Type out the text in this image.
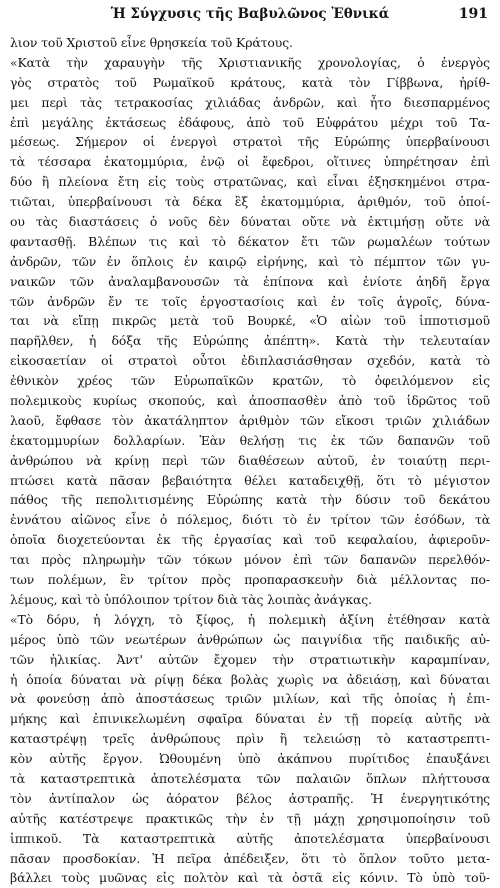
Ἡ Σύγχυσις τῆς Βαβυλῶνος Ἐθνικά	191
λιον τοῦ Χριστοῦ εἶνε θρησκεία τοῦ Κράτους.
«Κατὰ τὴν χαραυγὴν τῆς Χριστιανικῆς χρονολογίας, ὁ ἐνεργὸς
γὸς στρατὸς τοῦ Ρωμαϊκοῦ κράτους, κατὰ τὸν Γίββωνα, ἠρίθ-
μει περὶ τὰς τετρακοσίας χιλιάδας ἀνδρῶν, καὶ ἦτο διεσπαρμένος
ἐπὶ μεγάλης ἐκτάσεως ἐδάφους, ἀπὸ τοῦ Εὐφράτου μέχρι τοῦ Τα-
μέσεως. Σήμερον οἱ ἐνεργοὶ στρατοὶ τῆς Εὐρώπης ὑπερβαίνουσι
τὰ τέσσαρα ἑκατομμύρια, ἐνῷ οἱ ἔφεδροι, οἵτινες ὑπηρέτησαν ἐπὶ
δύο ἢ πλείονα ἔτη εἰς τοὺς στρατῶνας, καὶ εἶναι ἐξησκημένοι στρα-
τιῶται, ὑπερβαίνουσι τὰ δέκα ἓξ ἑκατομμύρια, ἀριθμόν, τοῦ ὁποί-
ου τὰς διαστάσεις ὁ νοῦς δὲν δύναται οὔτε νὰ ἐκτιμήσῃ οὔτε νὰ
φαντασθῇ. Βλέπων τις καὶ τὸ δέκατον ἔτι τῶν ρωμαλέων τούτων
ἀνδρῶν, τῶν ἐν ὅπλοις ἐν καιρῷ εἰρήνης, καὶ τὸ πέμπτον τῶν γυ-
ναικῶν τῶν ἀναλαμβανουσῶν τὰ ἐπίπονα καὶ ἐνίοτε ἀηδῆ ἔργα
τῶν ἀνδρῶν ἔν τε τοῖς ἐργοστασίοις καὶ ἐν τοῖς ἀγροῖς, δύνα-
ται νὰ εἴπῃ πικρῶς μετὰ τοῦ Βουρκέ, «Ὁ αἰὼν τοῦ ἱπποτισμοῦ
παρῆλθεν, ἡ δόξα τῆς Εὐρώπης ἀπέπτη». Κατὰ τὴν τελευταίαν
εἰκοσαετίαν οἱ στρατοὶ οὗτοι ἐδιπλασιάσθησαν σχεδόν, κατὰ τὸ
ἐθνικὸν χρέος τῶν Εὐρωπαϊκῶν κρατῶν, τὸ ὀφειλόμενον εἰς
πολεμικοὺς κυρίως σκοπούς, καὶ ἀποσπασθὲν ἀπὸ τοῦ ἱδρῶτος τοῦ
λαοῦ, ἔφθασε τὸν ἀκατάληπτον ἀριθμὸν τῶν εἴκοσι τριῶν χιλιάδων
ἑκατομμυρίων δολλαρίων. Ἐὰν θελήσῃ τις ἐκ τῶν δαπανῶν τοῦ
ἀνθρώπου νὰ κρίνῃ περὶ τῶν διαθέσεων αὐτοῦ, ἐν τοιαύτῃ περι-
πτώσει κατὰ πᾶσαν βεβαιότητα θέλει καταδειχθῇ, ὅτι τὸ μέγιστον
πάθος τῆς πεπολιτισμένης Εὐρώπης κατὰ τὴν δύσιν τοῦ δεκάτου
ἐννάτου αἰῶνος εἶνε ὁ πόλεμος, διότι τὸ ἐν τρίτον τῶν ἐσόδων, τὰ
ὁποῖα διοχετεύονται ἐκ τῆς ἐργασίας καὶ τοῦ κεφαλαίου, ἀφιεροῦν-
ται πρὸς πληρωμὴν τῶν τόκων μόνον ἐπὶ τῶν δαπανῶν περελθόν-
των πολέμων, ἓν τρίτον πρὸς προπαρασκευὴν διὰ μέλλοντας πο-
λέμους, καὶ τὸ ὑπόλοιπον τρίτον διὰ τὰς λοιπὰς ἀνάγκας.
«Τὸ δόρυ, ἡ λόγχη, τὸ ξίφος, ἡ πολεμικὴ ἀξίνη ἐτέθησαν κατὰ
μέρος ὑπὸ τῶν νεωτέρων ἀνθρώπων ὡς παιγνίδια τῆς παιδικῆς αὐ-
τῶν ἡλικίας. Ἀντ' αὐτῶν ἔχομεν τὴν στρατιωτικὴν καραμπίναν,
ἡ ὁποία δύναται νὰ ρίψῃ δέκα βολὰς χωρὶς να ἀδειάσῃ, καὶ δύναται
νὰ φονεύσῃ ἀπὸ ἀποστάσεως τριῶν μιλίων, καὶ τῆς ὁποίας ἡ ἐπι-
μήκης καὶ ἐπινικελωμένη σφαῖρα δύναται ἐν τῇ πορείᾳ αὐτῆς νὰ
καταστρέψῃ τρεῖς ἀνθρώπους πρὶν ἢ τελειώσῃ τὸ καταστρεπτι-
κὸν αὐτῆς ἔργον. Ὠθουμένη ὑπὸ ἀκάπνου πυρίτιδος ἐπαυξάνει
τὰ καταστρεπτικὰ ἀποτελέσματα τῶν παλαιῶν ὅπλων πλήττουσα
τὸν ἀντίπαλον ὡς ἀόρατον βέλος ἀστραπῆς. Ἡ ἐνεργητικότης
αὐτῆς κατέστρεψε πρακτικῶς τὴν ἐν τῇ μάχῃ χρησιμοποίησιν τοῦ
ἱππικοῦ. Τὰ καταστρεπτικὰ αὐτῆς ἀποτελέσματα ὑπερβαίνουσι
πᾶσαν προσδοκίαν. Ἡ πεῖρα ἀπέδειξεν, ὅτι τὸ ὅπλον τοῦτο μετα-
βάλλει τοὺς μυῶνας εἰς πολτὸν καὶ τὰ ὀστᾶ εἰς κόνιν. Τὸ ὑπὸ τοῦ-
